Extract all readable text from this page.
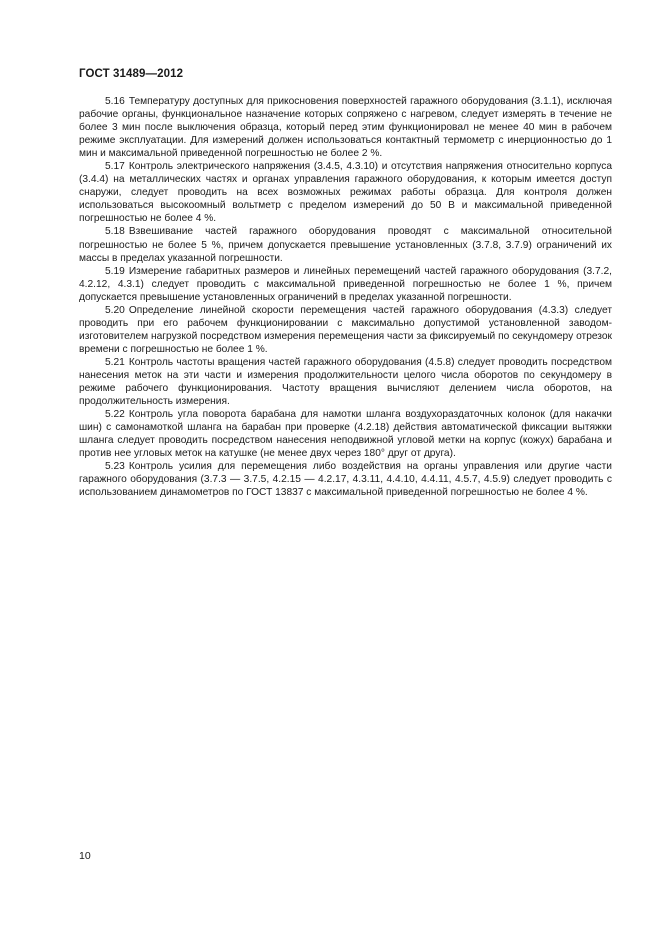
ГОСТ 31489—2012

5.16 Температуру доступных для прикосновения поверхностей гаражного оборудования (3.1.1), исключая рабочие органы, функциональное назначение которых сопряжено с нагревом, следует измерять в течение не более 3 мин после выключения образца, который перед этим функционировал не менее 40 мин в рабочем режиме эксплуатации. Для измерений должен использоваться контактный термометр с инерционностью до 1 мин и максимальной приведенной погрешностью не более 2 %.

5.17 Контроль электрического напряжения (3.4.5, 4.3.10) и отсутствия напряжения относительно корпуса (3.4.4) на металлических частях и органах управления гаражного оборудования, к которым имеется доступ снаружи, следует проводить на всех возможных режимах работы образца. Для контроля должен использоваться высокоомный вольтметр с пределом измерений до 50 В и максимальной приведенной погрешностью не более 4 %.

5.18 Взвешивание частей гаражного оборудования проводят с максимальной относительной погрешностью не более 5 %, причем допускается превышение установленных (3.7.8, 3.7.9) ограничений их массы в пределах указанной погрешности.

5.19 Измерение габаритных размеров и линейных перемещений частей гаражного оборудования (3.7.2, 4.2.12, 4.3.1) следует проводить с максимальной приведенной погрешностью не более 1 %, причем допускается превышение установленных ограничений в пределах указанной погрешности.

5.20 Определение линейной скорости перемещения частей гаражного оборудования (4.3.3) следует проводить при его рабочем функционировании с максимально допустимой установленной заводом-изготовителем нагрузкой посредством измерения перемещения части за фиксируемый по секундомеру отрезок времени с погрешностью не более 1 %.

5.21 Контроль частоты вращения частей гаражного оборудования (4.5.8) следует проводить посредством нанесения меток на эти части и измерения продолжительности целого числа оборотов по секундомеру в режиме рабочего функционирования. Частоту вращения вычисляют делением числа оборотов, на продолжительность измерения.

5.22 Контроль угла поворота барабана для намотки шланга воздухораздаточных колонок (для накачки шин) с самонамоткой шланга на барабан при проверке (4.2.18) действия автоматической фиксации вытяжки шланга следует проводить посредством нанесения неподвижной угловой метки на корпус (кожух) барабана и против нее угловых меток на катушке (не менее двух через 180° друг от друга).

5.23 Контроль усилия для перемещения либо воздействия на органы управления или другие части гаражного оборудования (3.7.3 — 3.7.5, 4.2.15 — 4.2.17, 4.3.11, 4.4.10, 4.4.11, 4.5.7, 4.5.9) следует проводить с использованием динамометров по ГОСТ 13837 с максимальной приведенной погрешностью не более 4 %.

10
